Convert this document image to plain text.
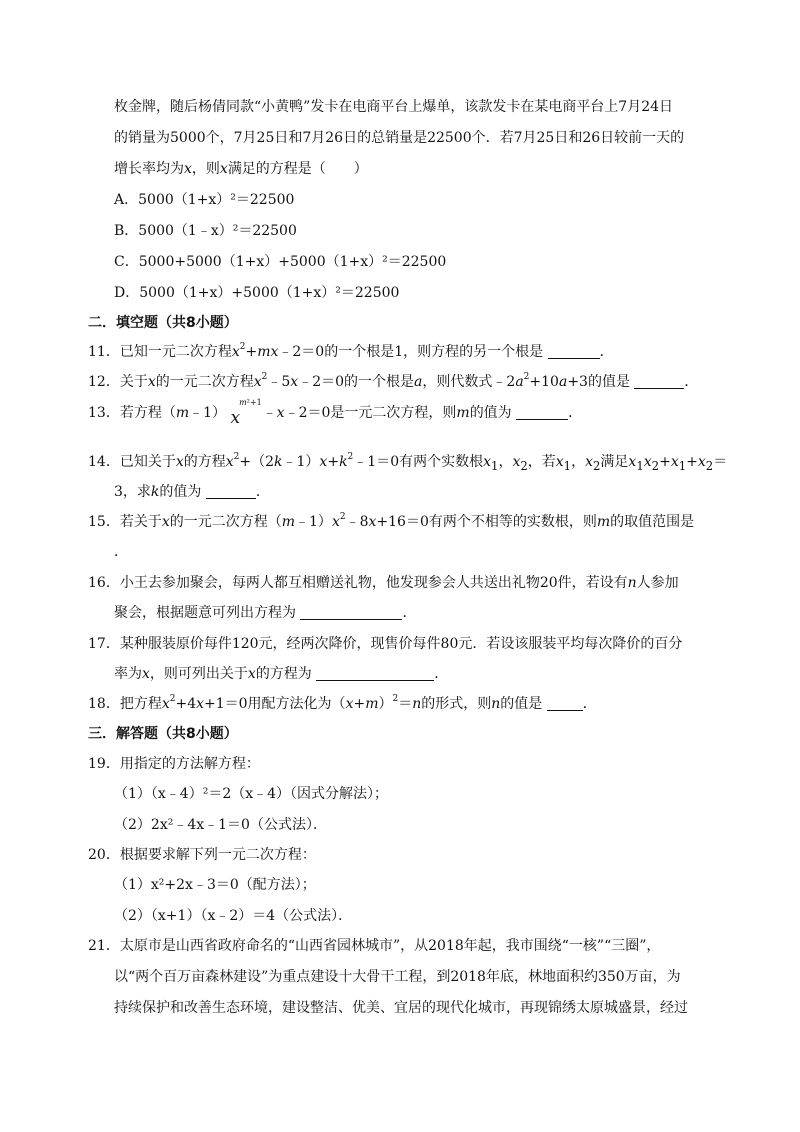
枚金牌，随后杨倩同款“小黄鸭”发卡在电商平台上爆单，该款发卡在某电商平台上7月24日
的销量为5000个，7月25日和7月26日的总销量是22500个．若7月25日和26日较前一天的
增长率均为x，则x满足的方程是（　　）
A．5000（1+x）²＝22500
B．5000（1﹣x）²＝22500
C．5000+5000（1+x）+5000（1+x）²＝22500
D．5000（1+x）+5000（1+x）²＝22500
二．填空题（共8小题）
11．已知一元二次方程$x^2+mx﹣2=0$的一个根是1，则方程的另一个根是	．
12．关于x的一元二次方程$x^2﹣5x﹣2=0$的一个根是a，则代数式$﹣2a^2+10a+3$的值是	．
13．若方程（m﹣1） $x^{m^2+1}﹣x﹣2=0$是一元二次方程，则m的值为	．
14．已知关于x的方程$x^2+(2k﹣1)x+k^2﹣1=0$有两个实数根$x_1$，$x_2$，若$x_1$，$x_2$满足$x_1x_2+x_1+x_2=$
3，求k的值为	．
15．若关于x的一元二次方程$(m﹣1)x^2﹣8x+16=0$有两个不相等的实数根，则m的取值范围是
．
16．小王去参加聚会，每两人都互相赠送礼物，他发现参会人共送出礼物20件，若设有n人参加
聚会，根据题意可列出方程为	．
17．某种服装原价每件120元，经两次降价，现售价每件80元．若设该服装平均每次降价的百分
率为x，则可列出关于x的方程为	．
18．把方程$x^2+4x+1=0$用配方法化为$(x+m)^2=n$的形式，则n的值是	．
三．解答题（共8小题）
19．用指定的方法解方程：
（1）（x﹣4）²＝2（x﹣4）（因式分解法）；
（2）2x²﹣4x﹣1＝0（公式法）．
20．根据要求解下列一元二次方程：
（1）x²+2x﹣3＝0（配方法）；
（2）（x+1）（x﹣2）＝4（公式法）．
21．太原市是山西省政府命名的“山西省园林城市”，从2018年起，我市围绕“一核”“三圈”，
以“两个百万亩森林建设”为重点建设十大骨干工程，到2018年底，林地面积约350万亩，为
持续保护和改善生态环境，建设整洁、优美、宜居的现代化城市，再现锦绣太原城盛景，经过
